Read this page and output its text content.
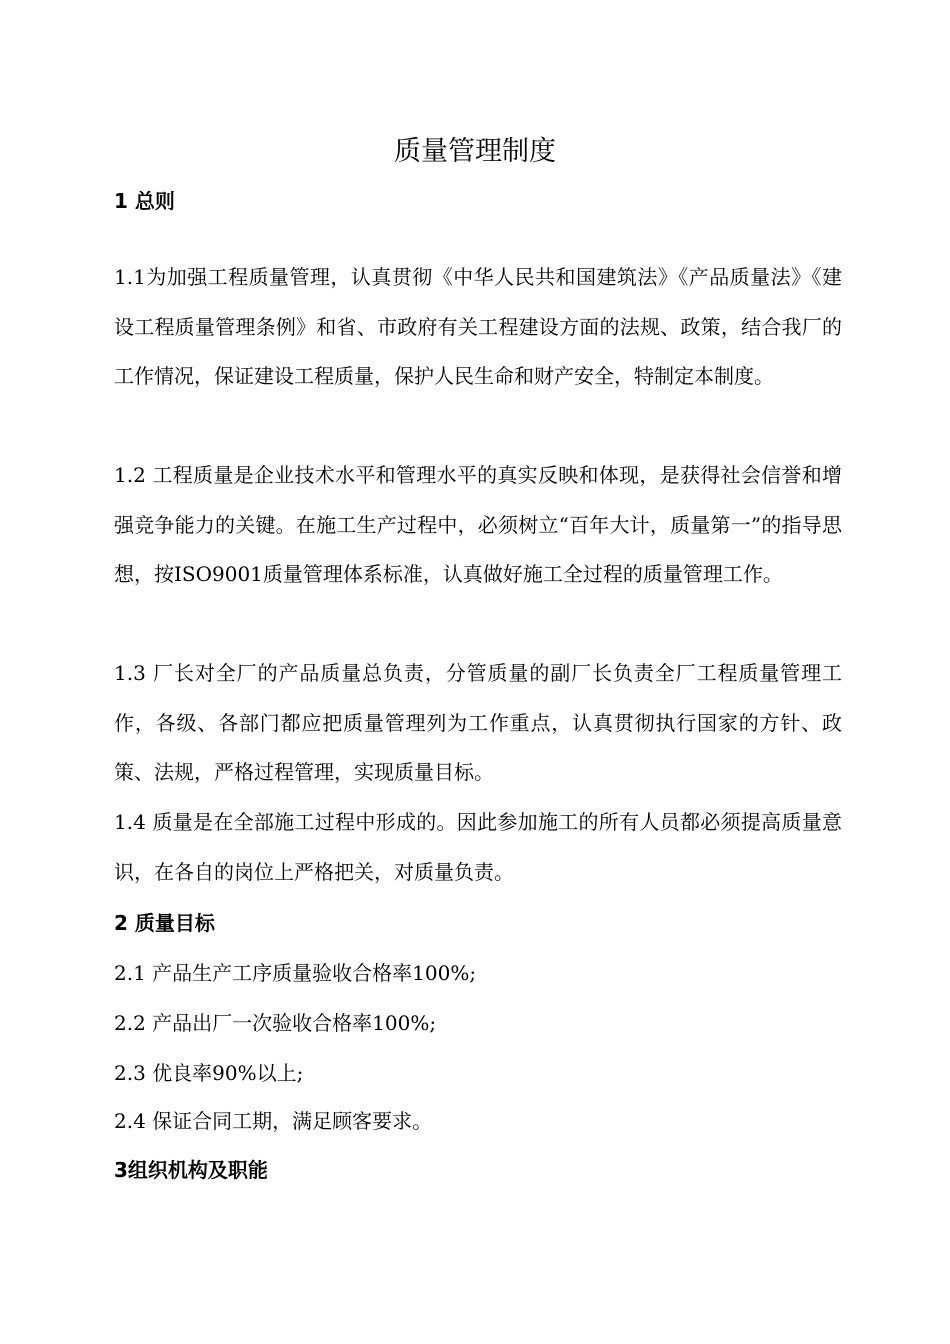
质量管理制度
1 总则

1.1为加强工程质量管理，认真贯彻《中华人民共和国建筑法》《产品质量法》《建设工程质量管理条例》和省、市政府有关工程建设方面的法规、政策，结合我厂的工作情况，保证建设工程质量，保护人民生命和财产安全，特制定本制度。

1.2 工程质量是企业技术水平和管理水平的真实反映和体现，是获得社会信誉和增强竞争能力的关键。在施工生产过程中，必须树立“百年大计，质量第一”的指导思想，按ISO9001质量管理体系标准，认真做好施工全过程的质量管理工作。

1.3 厂长对全厂的产品质量总负责，分管质量的副厂长负责全厂工程质量管理工作，各级、各部门都应把质量管理列为工作重点，认真贯彻执行国家的方针、政策、法规，严格过程管理，实现质量目标。

1.4 质量是在全部施工过程中形成的。因此参加施工的所有人员都必须提高质量意识，在各自的岗位上严格把关，对质量负责。

2 质量目标

2.1 产品生产工序质量验收合格率100%;

2.2 产品出厂一次验收合格率100%;

2.3 优良率90%以上;

2.4 保证合同工期，满足顾客要求。

3组织机构及职能
